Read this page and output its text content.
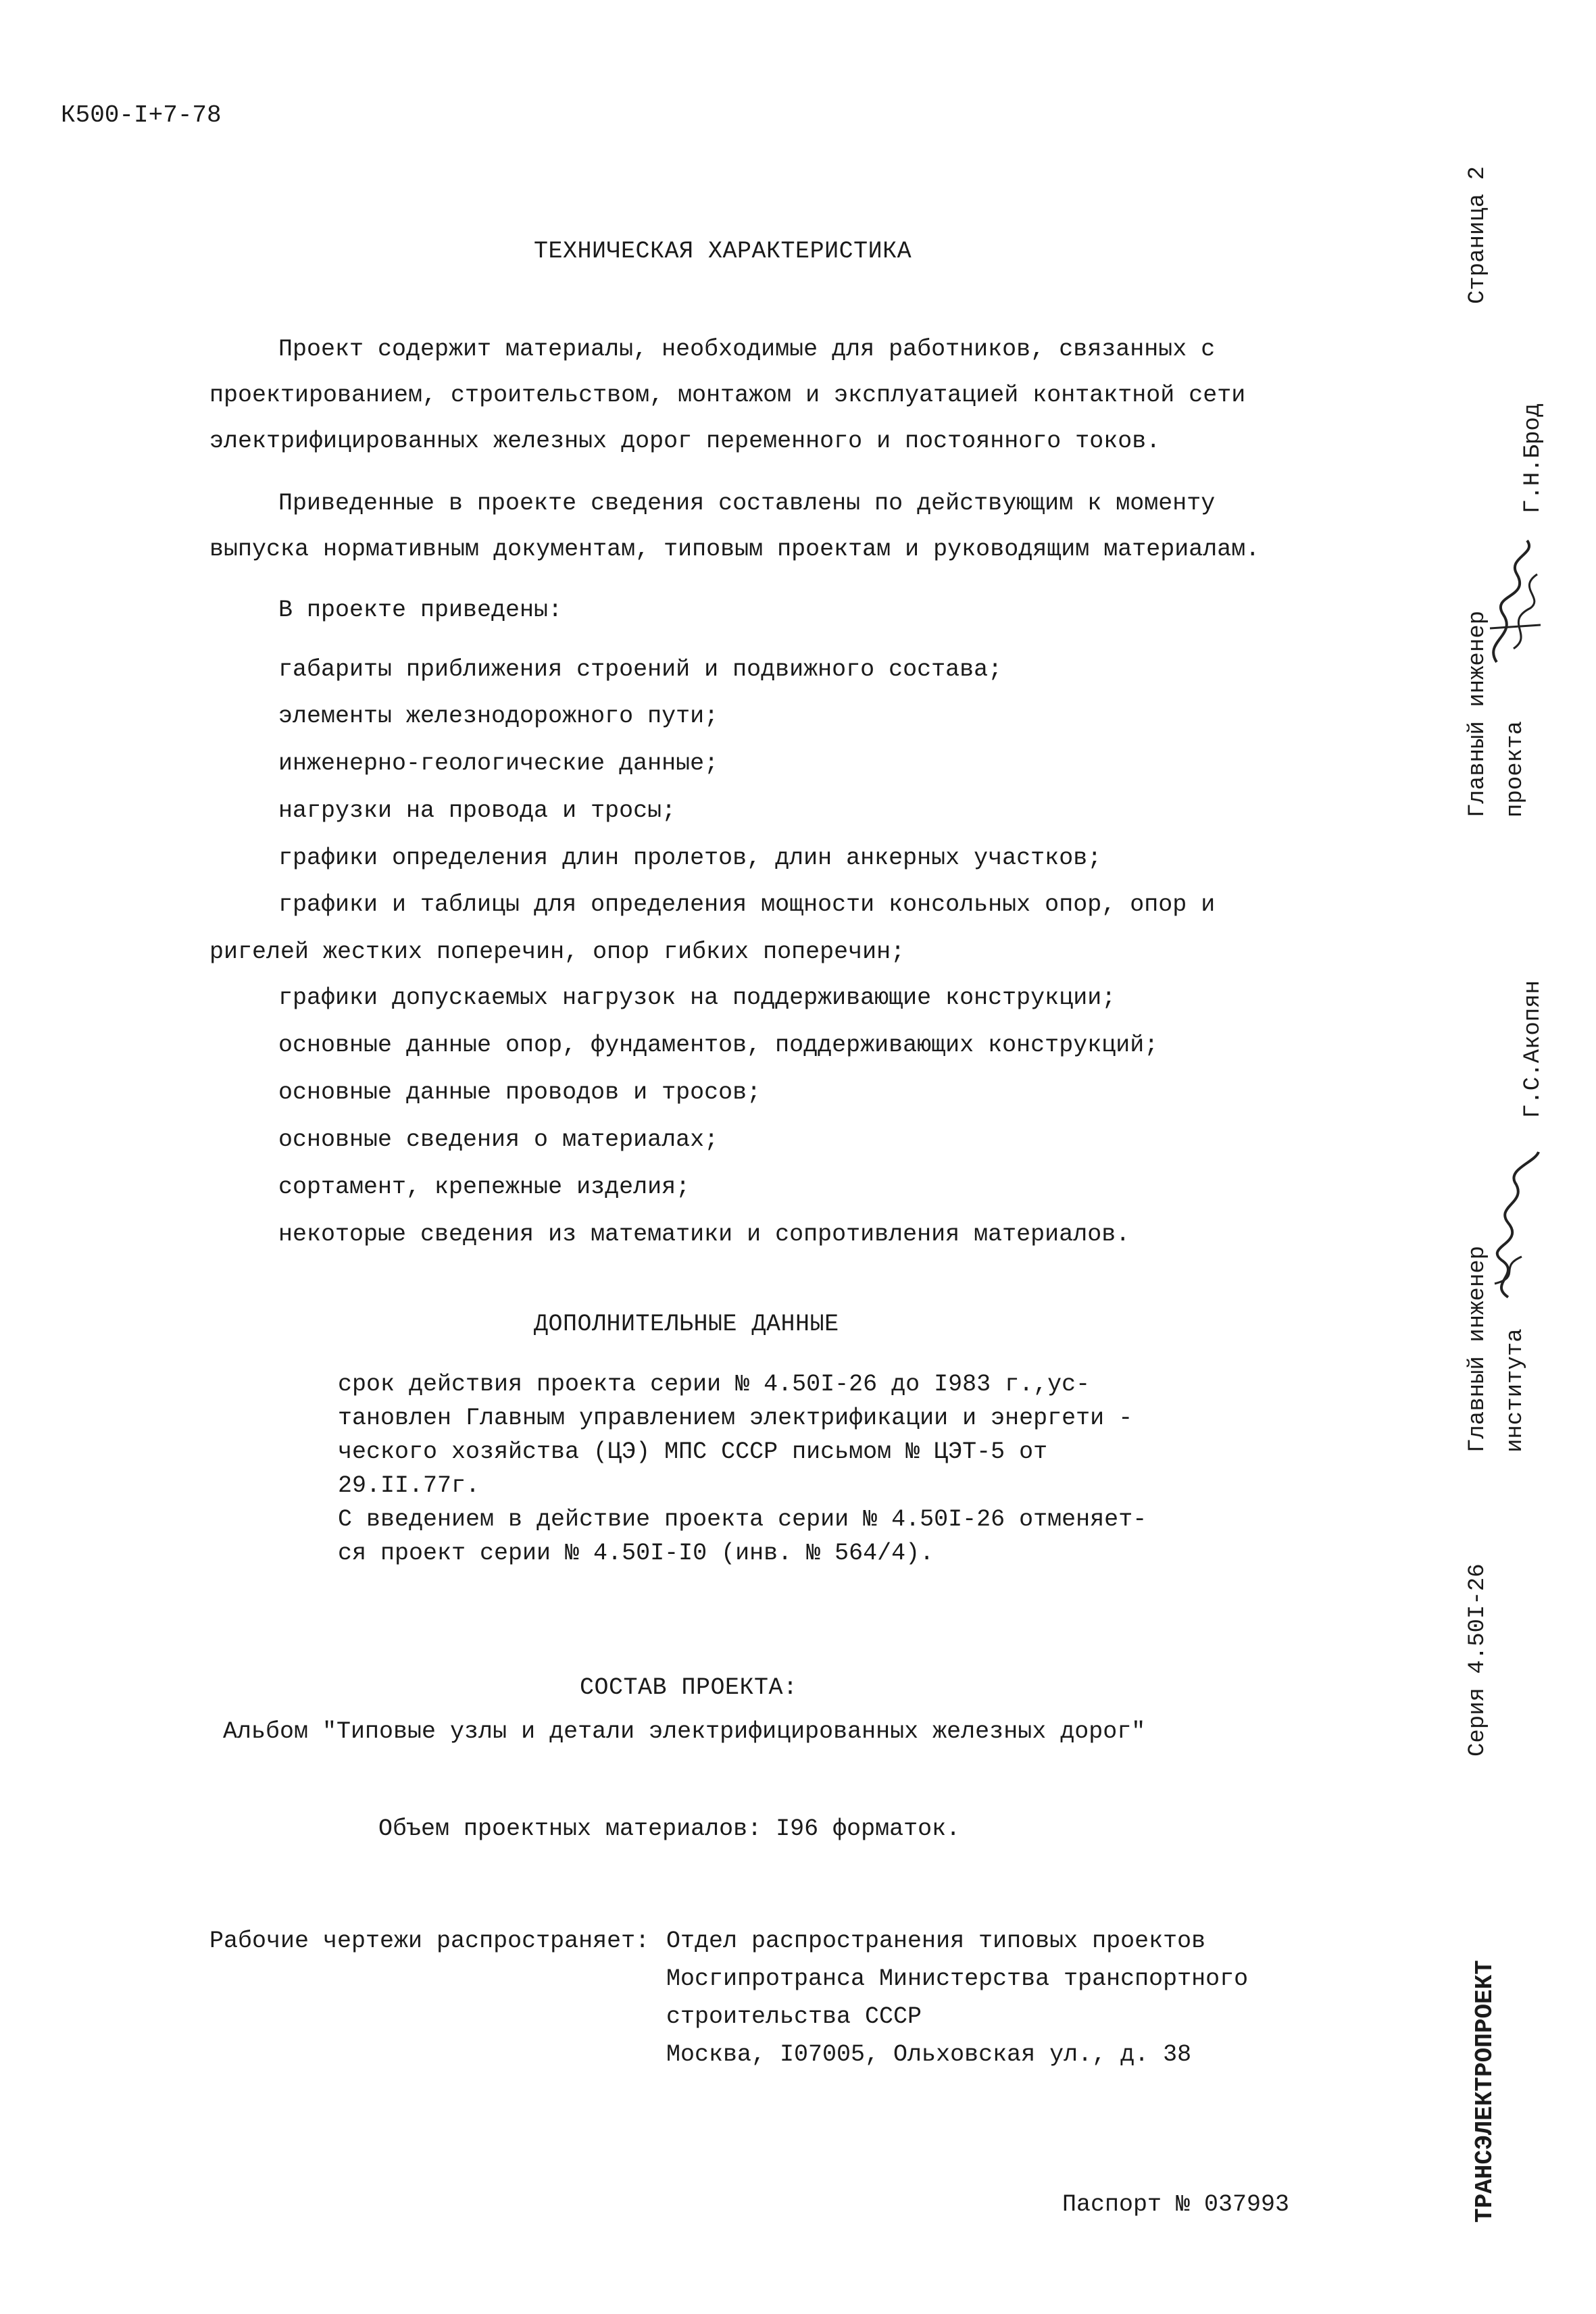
К500-I+7-78
ТЕХНИЧЕСКАЯ ХАРАКТЕРИСТИКА
Проект содержит материалы, необходимые для работников, связанных с
проектированием, строительством, монтажом и эксплуатацией контактной сети
электрифицированных железных дорог переменного и постоянного токов.
Приведенные в проекте сведения составлены по действующим к моменту
выпуска нормативным документам, типовым проектам и руководящим материалам.
В проекте приведены:
габариты приближения строений и подвижного состава;
элементы железнодорожного пути;
инженерно-геологические данные;
нагрузки на провода и тросы;
графики определения длин пролетов, длин анкерных участков;
графики и таблицы для определения мощности консольных опор, опор и
ригелей жестких поперечин, опор гибких поперечин;
графики допускаемых нагрузок на поддерживающие конструкции;
основные данные опор, фундаментов, поддерживающих конструкций;
основные данные проводов и тросов;
основные сведения о материалах;
сортамент, крепежные изделия;
некоторые сведения из математики и сопротивления материалов.
ДОПОЛНИТЕЛЬНЫЕ ДАННЫЕ
срок действия проекта серии № 4.50I-26 до I983 г.,ус-
тановлен Главным управлением электрификации и энергети -
ческого хозяйства (ЦЭ) МПС СССР письмом № ЦЭТ-5 от
29.II.77г.
С введением в действие проекта серии № 4.50I-26 отменяет-
ся проект серии № 4.50I-I0 (инв. № 564/4).
СОСТАВ ПРОЕКТА:
Альбом "Типовые узлы и детали электрифицированных железных дорог"
Объем проектных материалов: I96 форматок.
Рабочие чертежи распространяет: Отдел распространения типовых проектов
Мосгипротранса Министерства транспортного
строительства СССР
Москва, I07005, Ольховская ул., д. 38
Паспорт № 037993
Страница 2
Главный инженер проекта
Г.Н.Брод
Главный инженер института
Г.С.Акопян
Серия 4.50I-26
ТРАНСЭЛЕКТРОПРОЕКТ
